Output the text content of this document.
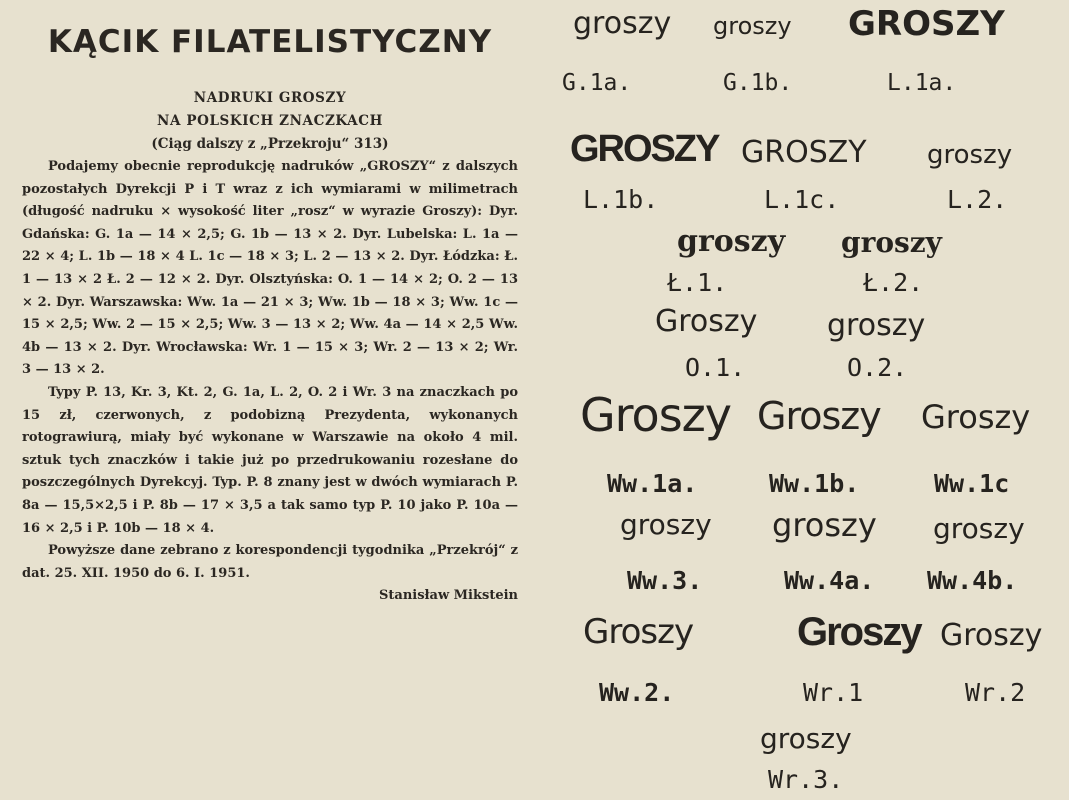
KĄCIK FILATELISTYCZNY
NADRUKI GROSZY
NA POLSKICH ZNACZKACH
(Ciąg dalszy z „Przekroju“ 313)

Podajemy obecnie reprodukcję nadruków „GROSZY“ z dalszych pozostałych Dyrekcji P i T wraz z ich wymiarami w milimetrach (długość nadruku × wysokość liter „rosz“ w wyrazie Groszy): Dyr. Gdańska: G. 1a — 14 × 2,5; G. 1b — 13 × 2. Dyr. Lubelska: L. 1a — 22 × 4; L. 1b — 18 × 4 L. 1c — 18 × 3; L. 2 — 13 × 2. Dyr. Łódzka: Ł. 1 — 13 × 2 Ł. 2 — 12 × 2. Dyr. Olsztyńska: O. 1 — 14 × 2; O. 2 — 13 × 2. Dyr. Warszawska: Ww. 1a — 21 × 3; Ww. 1b — 18 × 3; Ww. 1c — 15 × 2,5; Ww. 2 — 15 × 2,5; Ww. 3 — 13 × 2; Ww. 4a — 14 × 2,5 Ww. 4b — 13 × 2. Dyr. Wrocławska: Wr. 1 — 15 × 3; Wr. 2 — 13 × 2; Wr. 3 — 13 × 2.

Typy P. 13, Kr. 3, Kt. 2, G. 1a, L. 2, O. 2 i Wr. 3 na znaczkach po 15 zł, czerwonych, z podobizną Prezydenta, wykonanych rotograwiurą, miały być wykonane w Warszawie na około 4 mil. sztuk tych znaczków i takie już po przedrukowaniu rozesłane do poszczególnych Dyrekcyj. Typ. P. 8 znany jest w dwóch wymiarach P. 8a — 15,5×2,5 i P. 8b — 17 × 3,5 a tak samo typ P. 10 jako P. 10a — 16 × 2,5 i P. 10b — 18 × 4.

Powyższe dane zebrano z korespondencji tygodnika „Przekrój“ z dat. 25. XII. 1950 do 6. I. 1951.

Stanisław Mikstein
groszy groszy GROSZY
G.1a.	G.1b.	L.1a.
GROSZY GROSZY groszy
L.1b.	L.1c.	L.2.
groszy groszy
Ł.1.	Ł.2.
Groszy groszy
O.1.	O.2.
Groszy Groszy Groszy
Ww.1a.	Ww.1b.	Ww.1c
groszy groszy groszy
Ww.3.	Ww.4a. Ww.4b.
Groszy	Groszy Groszy
Ww.2.	Wr.1	Wr.2
groszy
Wr.3.
